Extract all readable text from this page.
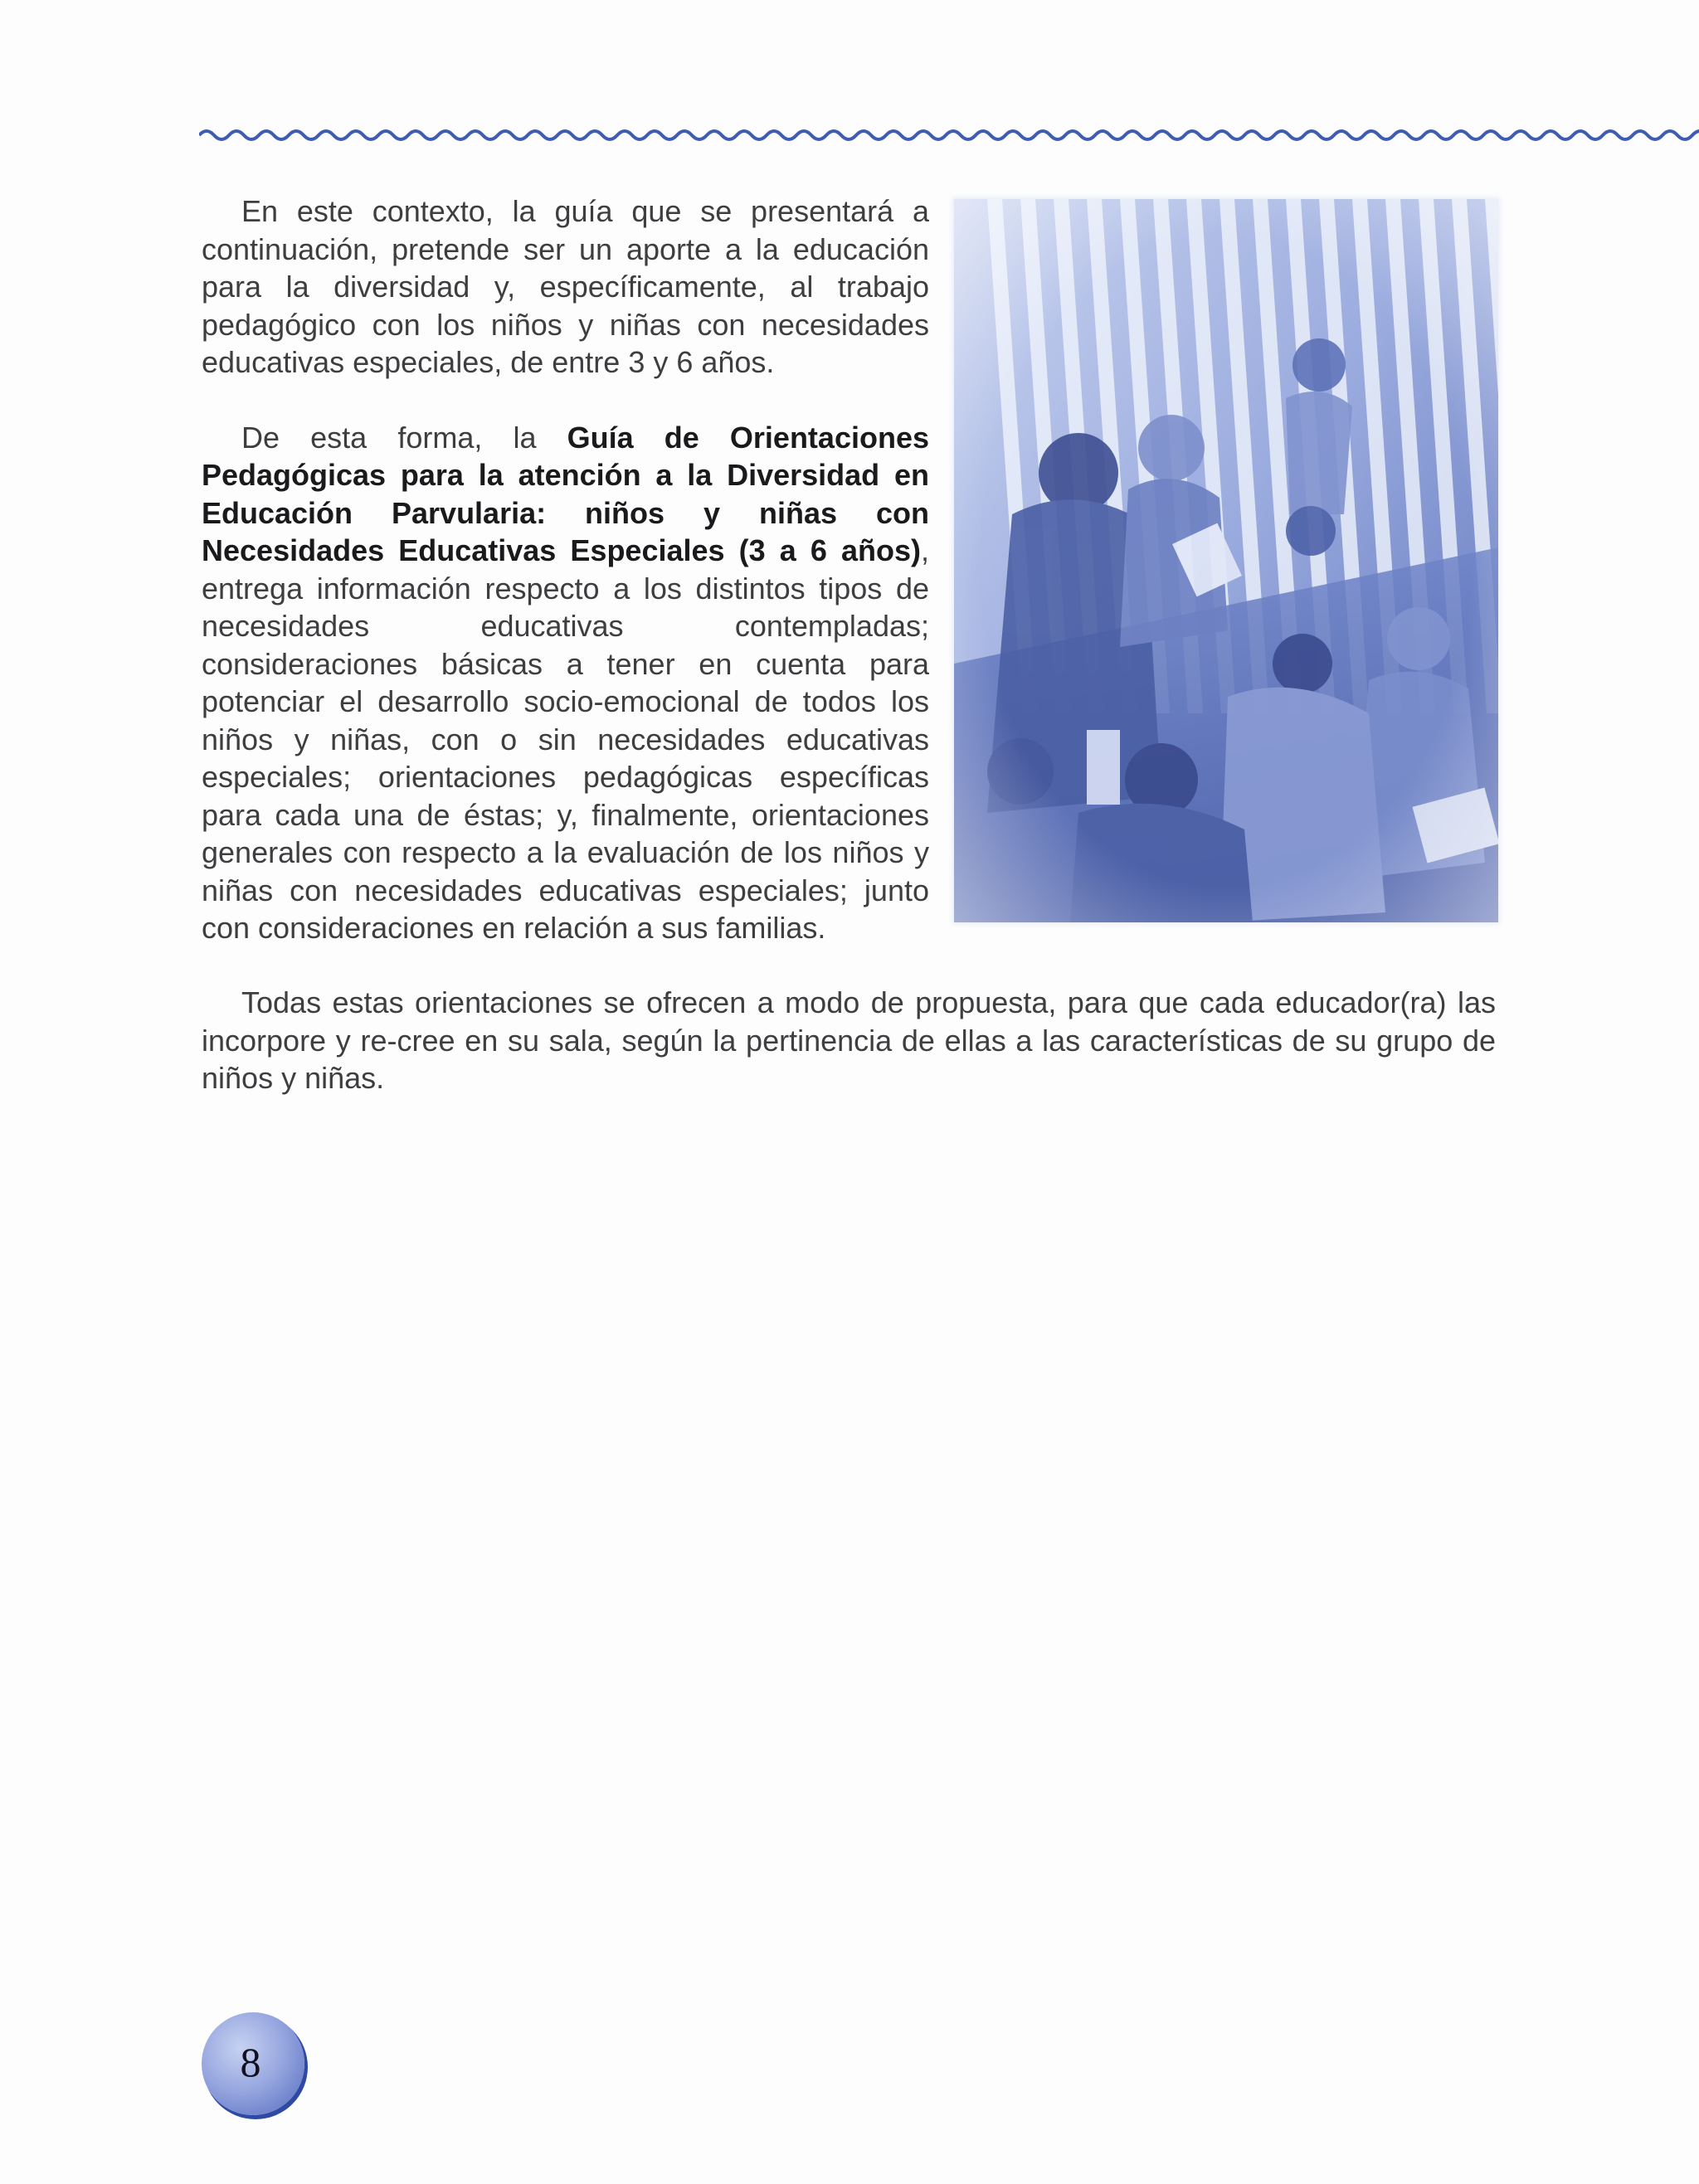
En este contexto, la guía que se presentará a continuación, pretende ser un aporte a la educación para la diversidad y, específicamente, al trabajo pedagógico con los niños y niñas con necesidades educativas especiales, de entre 3 y 6 años.

De esta forma, la Guía de Orientaciones Pedagógicas para la atención a la Diversidad en Educación Parvularia: niños y niñas con Necesidades Educativas Especiales (3 a 6 años), entrega información respecto a los distintos tipos de necesidades educativas contempladas; consideraciones básicas a tener en cuenta para potenciar el desarrollo socio-emocional de todos los niños y niñas, con o sin necesidades educativas especiales; orientaciones pedagógicas específicas para cada una de éstas; y, finalmente, orientaciones generales con respecto a la evaluación de los niños y niñas con necesidades educativas especiales; junto con consideraciones en relación a sus familias.

Todas estas orientaciones se ofrecen a modo de propuesta, para que cada educador(ra) las incorpore y re-cree en su sala, según la pertinencia de ellas a las características de su grupo de niños y niñas.

8
